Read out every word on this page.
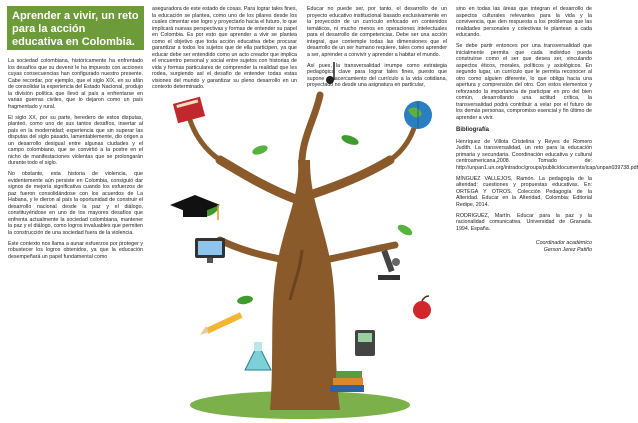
Aprender a vivir, un reto para la acción educativa en Colombia.

La sociedad colombiana, históricamente ha enfrentado los desafíos que su devenir le ha impuesto con acciones cuyas consecuencias han configurado nuestro presente. Cabe recordar, por ejemplo, que el siglo XIX, en su afán de consolidar la experiencia del Estado Nacional, produjo la división política que llevó al país a enfrentarse en varias guerras civiles, que lo dejaron como un país fragmentado y rural.

El siglo XX, por su parte, heredero de estos disputas, planteó, como uno de sus tantos desafíos, insertar al país en la modernidad; experiencia que sin superar las disputas del siglo pasado, lamentablemente, dio origen a un desarrollo desigual entre algunas ciudades y el campo colombiano, que se convirtió a la postre en el nicho de manifestaciones violentas que se prolongarán durante todo el siglo.

No obstante, esta historia de violencia, que evidentemente aún persiste en Colombia, consiguió dar signos de mejoría significativa cuando los esfuerzos de paz fueron consolidándose con los acuerdos de La Habana, y le dieron al país la oportunidad de construir el desarrollo nacional desde la paz y el diálogo, constituyéndose en uno de los mayores desafíos que enfrenta actualmente la sociedad colombiana, mantener la paz y el diálogo, como logros invaluables que permiten la construcción de una sociedad fuera de la violencia.

Este contexto nos llama a aunar esfuerzos por proteger y robustecer los logros obtenidos, ya que la educación desempeñará un papel fundamental como

aseguradora de este estado de cosas. Para lograr tales fines, la educación se plantea, como uno de los pilares desde los cuales cimentar ese logro y proyectarlo hacia el futuro, lo que implicará nuevas perspectivas y formas de entender su papel en Colombia. Es por esto que aprender a vivir se plantea como el objetivo que toda acción educativa debe procurar garantizar a todos los sujetos que de ella participen, ya que educar debe ser entendido como un acto creador que implica el encuentro personal y social entre sujetos con historias de vida y formas particulares de comprender la realidad que les rodea, surgiendo así el desafío de entender todas estas visiones del mundo y garantizar su pleno desarrollo en un contexto determinado.

Educar no puede ser, por tanto, el desarrollo de un proyecto educativo institucional basado exclusivamente en la proyección de un currículo enfocado en contenidos temáticos, ni mucho menos en operaciones intelectuales para el desarrollo de competencias. Debe ser una acción integral, que contemple todas las dimensiones que el desarrollo de un ser humano requiere, tales como aprender a ser, aprender a convivir y aprender a habitar el mundo.

Así pues, la transversalidad irrumpe como estrategia pedagógica clave para lograr tales fines, puesto que supone un acercamiento del currículo a la vida cotidiana, proyectado no desde una asignatura en particular,

sino en todas las áreas que integran el desarrollo de aspectos culturales relevantes para la vida y la convivencia, que den respuesta a los problemas que las realidades personales y colectivas le plantean a cada educando.

Se debe partir entonces por una transversalidad que inicialmente permita que cada individuo pueda construirse como el ser que desea ser, vinculando aspectos éticos, morales, políticos y axiológicos. En segundo lugar, un currículo que le permita reconocer al otro como alguien diferente, lo que obliga hacia una apertura y comprensión del otro. Con estos elementos y reforzando la importancia de participar en pro del bien común, desarrollando una actitud crítica, la transversalidad podrá contribuir a velar por el futuro de los demás personas, compromiso esencial y fin último de aprender a vivir.

Bibliografía

Henríquez de Villota Cristelina y Reyes de Romero Judith. La transversalidad, un reto para la educación primaria y secundaria. Coordinación educativa y cultural centroamericana,2008. Tomado de: http://unpan1.un.org/intradoc/groups/public/documents/icap/unpan039738.pdf

MÍNGUEZ VALLEJOS, Ramón. La pedagogía de la alteridad: cuestiones y propuestas educativas. En: ORTEGA Y OTROS. Colección Pedagogía de la Alteridad. Educar en la Alteridad, Colombia: Editorial Redipe, 2014.

RODRIGUEZ, Martín. Educar para la paz y la racionalidad comunicativa. Universidad de Granada. 1994. España.

Coordinador académico
Gerson Jerez Patiño
